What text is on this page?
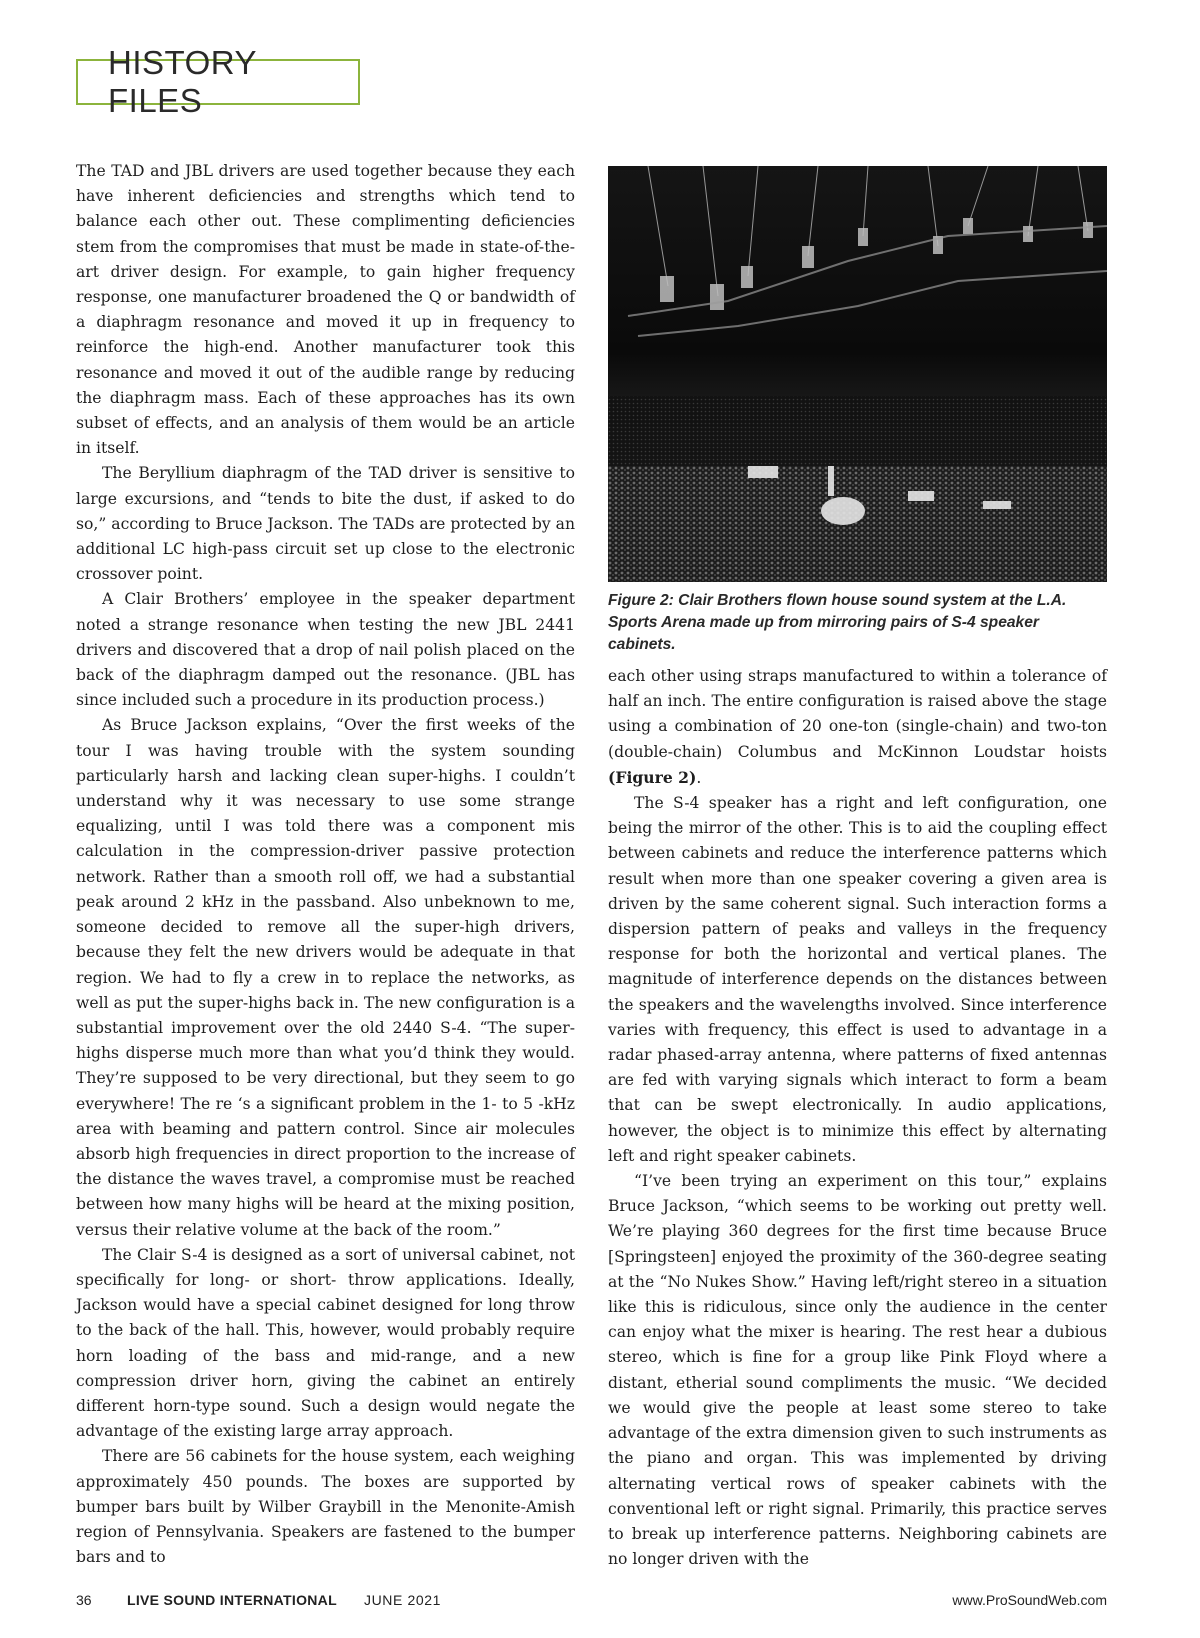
HISTORY FILES

The TAD and JBL drivers are used together because they each have inherent deficiencies and strengths which tend to balance each other out. These complimenting deficiencies stem from the compromises that must be made in state-of-the-art driver design. For example, to gain higher frequency response, one manufacturer broadened the Q or bandwidth of a diaphragm resonance and moved it up in frequency to reinforce the high-end. Another manufacturer took this resonance and moved it out of the audible range by reducing the diaphragm mass. Each of these approaches has its own subset of effects, and an analysis of them would be an article in itself.

The Beryllium diaphragm of the TAD driver is sensitive to large excursions, and “tends to bite the dust, if asked to do so,” according to Bruce Jackson. The TADs are protected by an additional LC high-pass circuit set up close to the electronic crossover point.

A Clair Brothers’ employee in the speaker department noted a strange resonance when testing the new JBL 2441 drivers and discovered that a drop of nail polish placed on the back of the diaphragm damped out the resonance. (JBL has since included such a procedure in its production process.)

As Bruce Jackson explains, “Over the first weeks of the tour I was having trouble with the system sounding particularly harsh and lacking clean super-highs. I couldn’t understand why it was necessary to use some strange equalizing, until I was told there was a component mis calculation in the compression-driver passive protection network. Rather than a smooth roll off, we had a substantial peak around 2 kHz in the passband. Also unbeknown to me, someone decided to remove all the super-high drivers, because they felt the new drivers would be adequate in that region. We had to fly a crew in to replace the networks, as well as put the super-highs back in. The new configuration is a substantial improvement over the old 2440 S-4. “The super-highs disperse much more than what you’d think they would. They’re supposed to be very directional, but they seem to go everywhere! The re ‘s a significant problem in the 1- to 5 -kHz area with beaming and pattern control. Since air molecules absorb high frequencies in direct proportion to the increase of the distance the waves travel, a compromise must be reached between how many highs will be heard at the mixing position, versus their relative volume at the back of the room.”

The Clair S-4 is designed as a sort of universal cabinet, not specifically for long- or short- throw applications. Ideally, Jackson would have a special cabinet designed for long throw to the back of the hall. This, however, would probably require horn loading of the bass and mid-range, and a new compression driver horn, giving the cabinet an entirely different horn-type sound. Such a design would negate the advantage of the existing large array approach.

There are 56 cabinets for the house system, each weighing approximately 450 pounds. The boxes are supported by bumper bars built by Wilber Graybill in the Menonite-Amish region of Pennsylvania. Speakers are fastened to the bumper bars and to

Figure 2: Clair Brothers flown house sound system at the L.A. Sports Arena made up from mirroring pairs of S-4 speaker cabinets.

each other using straps manufactured to within a tolerance of half an inch. The entire configuration is raised above the stage using a combination of 20 one-ton (single-chain) and two-ton (double-chain) Columbus and McKinnon Loudstar hoists (Figure 2).

The S-4 speaker has a right and left configuration, one being the mirror of the other. This is to aid the coupling effect between cabinets and reduce the interference patterns which result when more than one speaker covering a given area is driven by the same coherent signal. Such interaction forms a dispersion pattern of peaks and valleys in the frequency response for both the horizontal and vertical planes. The magnitude of interference depends on the distances between the speakers and the wavelengths involved. Since interference varies with frequency, this effect is used to advantage in a radar phased-array antenna, where patterns of fixed antennas are fed with varying signals which interact to form a beam that can be swept electronically. In audio applications, however, the object is to minimize this effect by alternating left and right speaker cabinets.

“I’ve been trying an experiment on this tour,” explains Bruce Jackson, “which seems to be working out pretty well. We’re playing 360 degrees for the first time because Bruce [Springsteen] enjoyed the proximity of the 360-degree seating at the “No Nukes Show.” Having left/right stereo in a situation like this is ridiculous, since only the audience in the center can enjoy what the mixer is hearing. The rest hear a dubious stereo, which is fine for a group like Pink Floyd where a distant, etherial sound compliments the music. “We decided we would give the people at least some stereo to take advantage of the extra dimension given to such instruments as the piano and organ. This was implemented by driving alternating vertical rows of speaker cabinets with the conventional left or right signal. Primarily, this practice serves to break up interference patterns. Neighboring cabinets are no longer driven with the

36	LIVE SOUND INTERNATIONAL JUNE 2021	www.ProSoundWeb.com
